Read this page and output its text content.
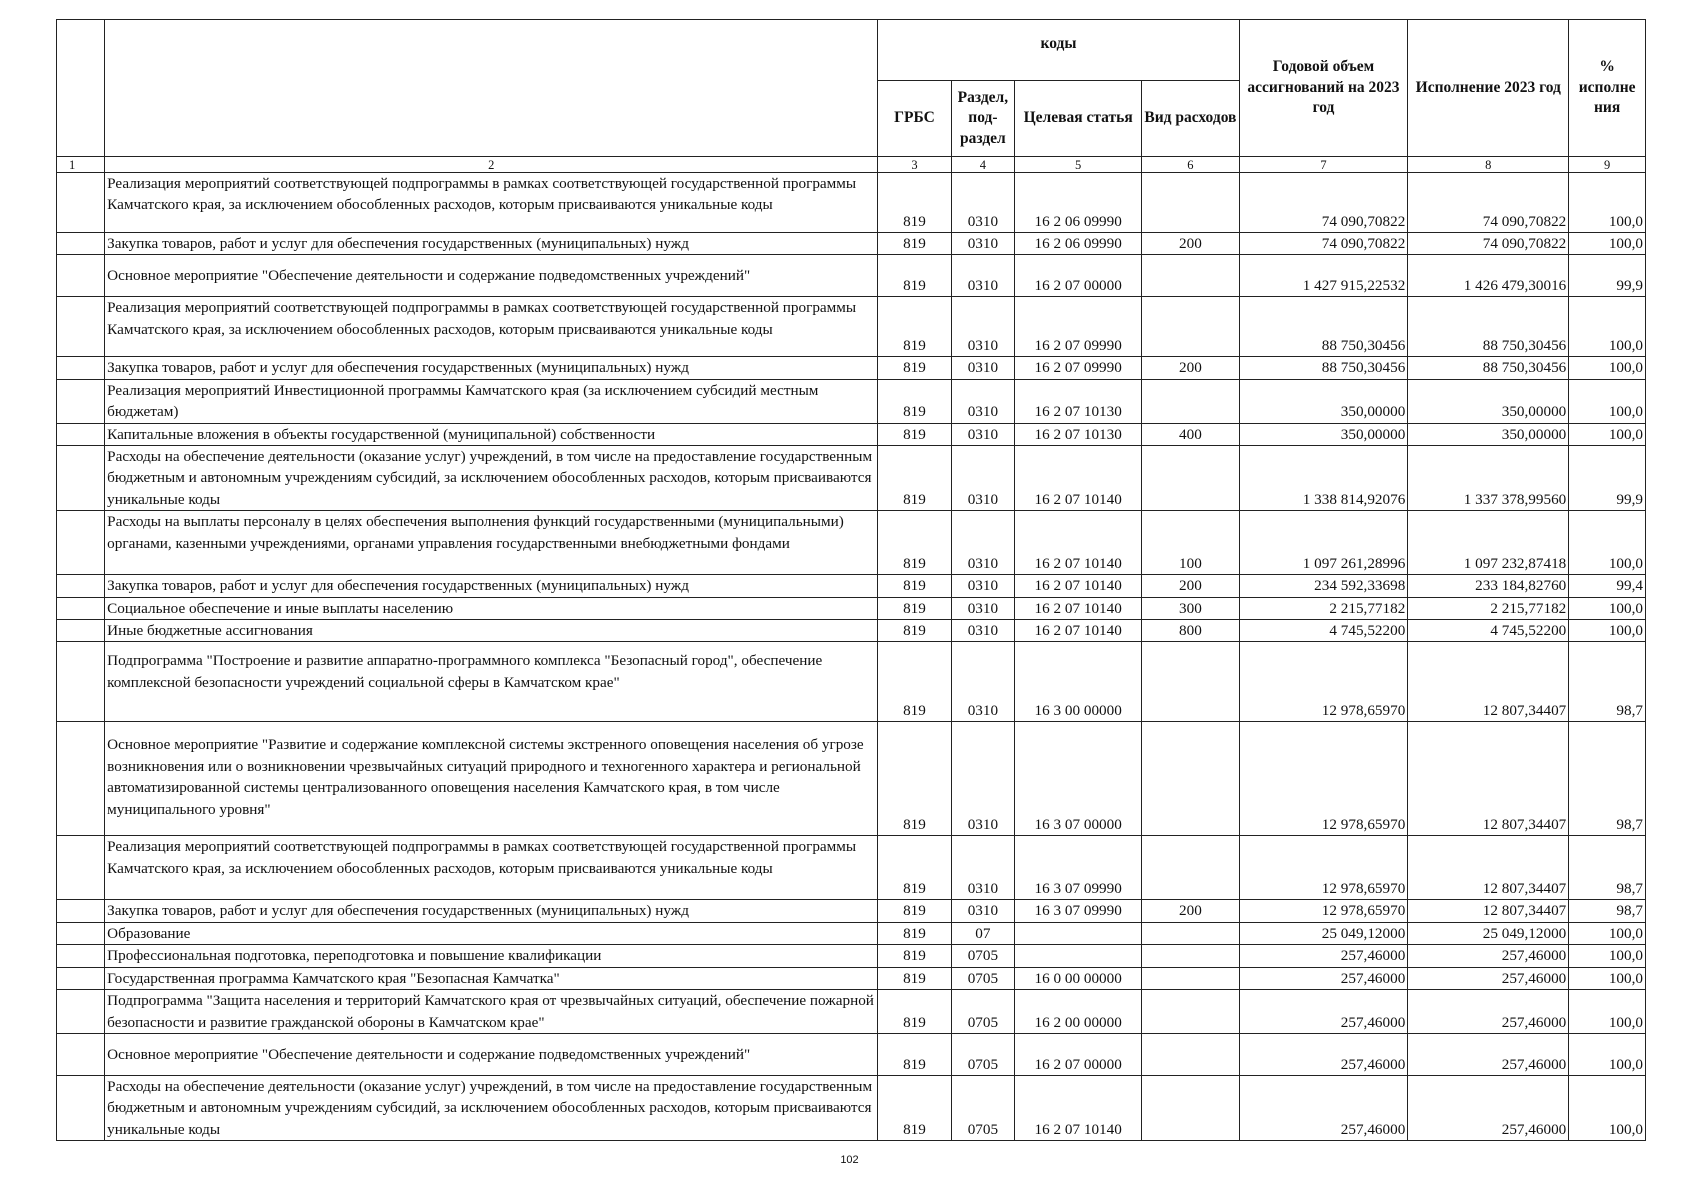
		коды				Годовой объем ассигнований на 2023 год	Исполнение 2023 год	% исполне ния
		ГРБС	Раздел, под-раздел	Целевая статья	Вид расходов			
1	2	3	4	5	6	7	8	9
	Реализация мероприятий соответствующей подпрограммы в рамках соответствующей государственной программы Камчатского края, за исключением обособленных расходов, которым присваиваются уникальные коды	819	0310	16 2 06 09990		74 090,70822	74 090,70822	100,0
	Закупка товаров, работ и услуг для обеспечения государственных (муниципальных) нужд	819	0310	16 2 06 09990	200	74 090,70822	74 090,70822	100,0
	Основное мероприятие "Обеспечение деятельности и содержание подведомственных учреждений"	819	0310	16 2 07 00000		1 427 915,22532	1 426 479,30016	99,9
	Реализация мероприятий соответствующей подпрограммы в рамках соответствующей государственной программы Камчатского края, за исключением обособленных расходов, которым присваиваются уникальные коды	819	0310	16 2 07 09990		88 750,30456	88 750,30456	100,0
	Закупка товаров, работ и услуг для обеспечения государственных (муниципальных) нужд	819	0310	16 2 07 09990	200	88 750,30456	88 750,30456	100,0
	Реализация мероприятий Инвестиционной программы Камчатского края (за исключением субсидий местным бюджетам)	819	0310	16 2 07 10130		350,00000	350,00000	100,0
	Капитальные вложения в объекты государственной (муниципальной) собственности	819	0310	16 2 07 10130	400	350,00000	350,00000	100,0
	Расходы на обеспечение деятельности (оказание услуг) учреждений, в том числе на предоставление государственным бюджетным и автономным учреждениям субсидий, за исключением обособленных расходов, которым присваиваются уникальные коды	819	0310	16 2 07 10140		1 338 814,92076	1 337 378,99560	99,9
	Расходы на выплаты персоналу в целях обеспечения выполнения функций государственными (муниципальными) органами, казенными учреждениями, органами управления государственными внебюджетными фондами	819	0310	16 2 07 10140	100	1 097 261,28996	1 097 232,87418	100,0
	Закупка товаров, работ и услуг для обеспечения государственных (муниципальных) нужд	819	0310	16 2 07 10140	200	234 592,33698	233 184,82760	99,4
	Социальное обеспечение и иные выплаты населению	819	0310	16 2 07 10140	300	2 215,77182	2 215,77182	100,0
	Иные бюджетные ассигнования	819	0310	16 2 07 10140	800	4 745,52200	4 745,52200	100,0
	Подпрограмма "Построение и развитие аппаратно-программного комплекса "Безопасный город", обеспечение комплексной безопасности учреждений социальной сферы в Камчатском крае"	819	0310	16 3 00 00000		12 978,65970	12 807,34407	98,7
	Основное мероприятие "Развитие и содержание комплексной системы экстренного оповещения населения об угрозе возникновения или о возникновении чрезвычайных ситуаций природного и техногенного характера и региональной автоматизированной системы централизованного оповещения населения Камчатского края, в том числе муниципального уровня"	819	0310	16 3 07 00000		12 978,65970	12 807,34407	98,7
	Реализация мероприятий соответствующей подпрограммы в рамках соответствующей государственной программы Камчатского края, за исключением обособленных расходов, которым присваиваются уникальные коды	819	0310	16 3 07 09990		12 978,65970	12 807,34407	98,7
	Закупка товаров, работ и услуг для обеспечения государственных (муниципальных) нужд	819	0310	16 3 07 09990	200	12 978,65970	12 807,34407	98,7
	Образование	819	07			25 049,12000	25 049,12000	100,0
	Профессиональная подготовка, переподготовка и повышение квалификации	819	0705			257,46000	257,46000	100,0
	Государственная программа Камчатского края "Безопасная Камчатка"	819	0705	16 0 00 00000		257,46000	257,46000	100,0
	Подпрограмма "Защита населения и территорий Камчатского края от чрезвычайных ситуаций, обеспечение пожарной безопасности и развитие гражданской обороны в Камчатском крае"	819	0705	16 2 00 00000		257,46000	257,46000	100,0
	Основное мероприятие "Обеспечение деятельности и содержание подведомственных учреждений"	819	0705	16 2 07 00000		257,46000	257,46000	100,0
	Расходы на обеспечение деятельности (оказание услуг) учреждений, в том числе на предоставление государственным бюджетным и автономным учреждениям субсидий, за исключением обособленных расходов, которым присваиваются уникальные коды	819	0705	16 2 07 10140		257,46000	257,46000	100,0
102
